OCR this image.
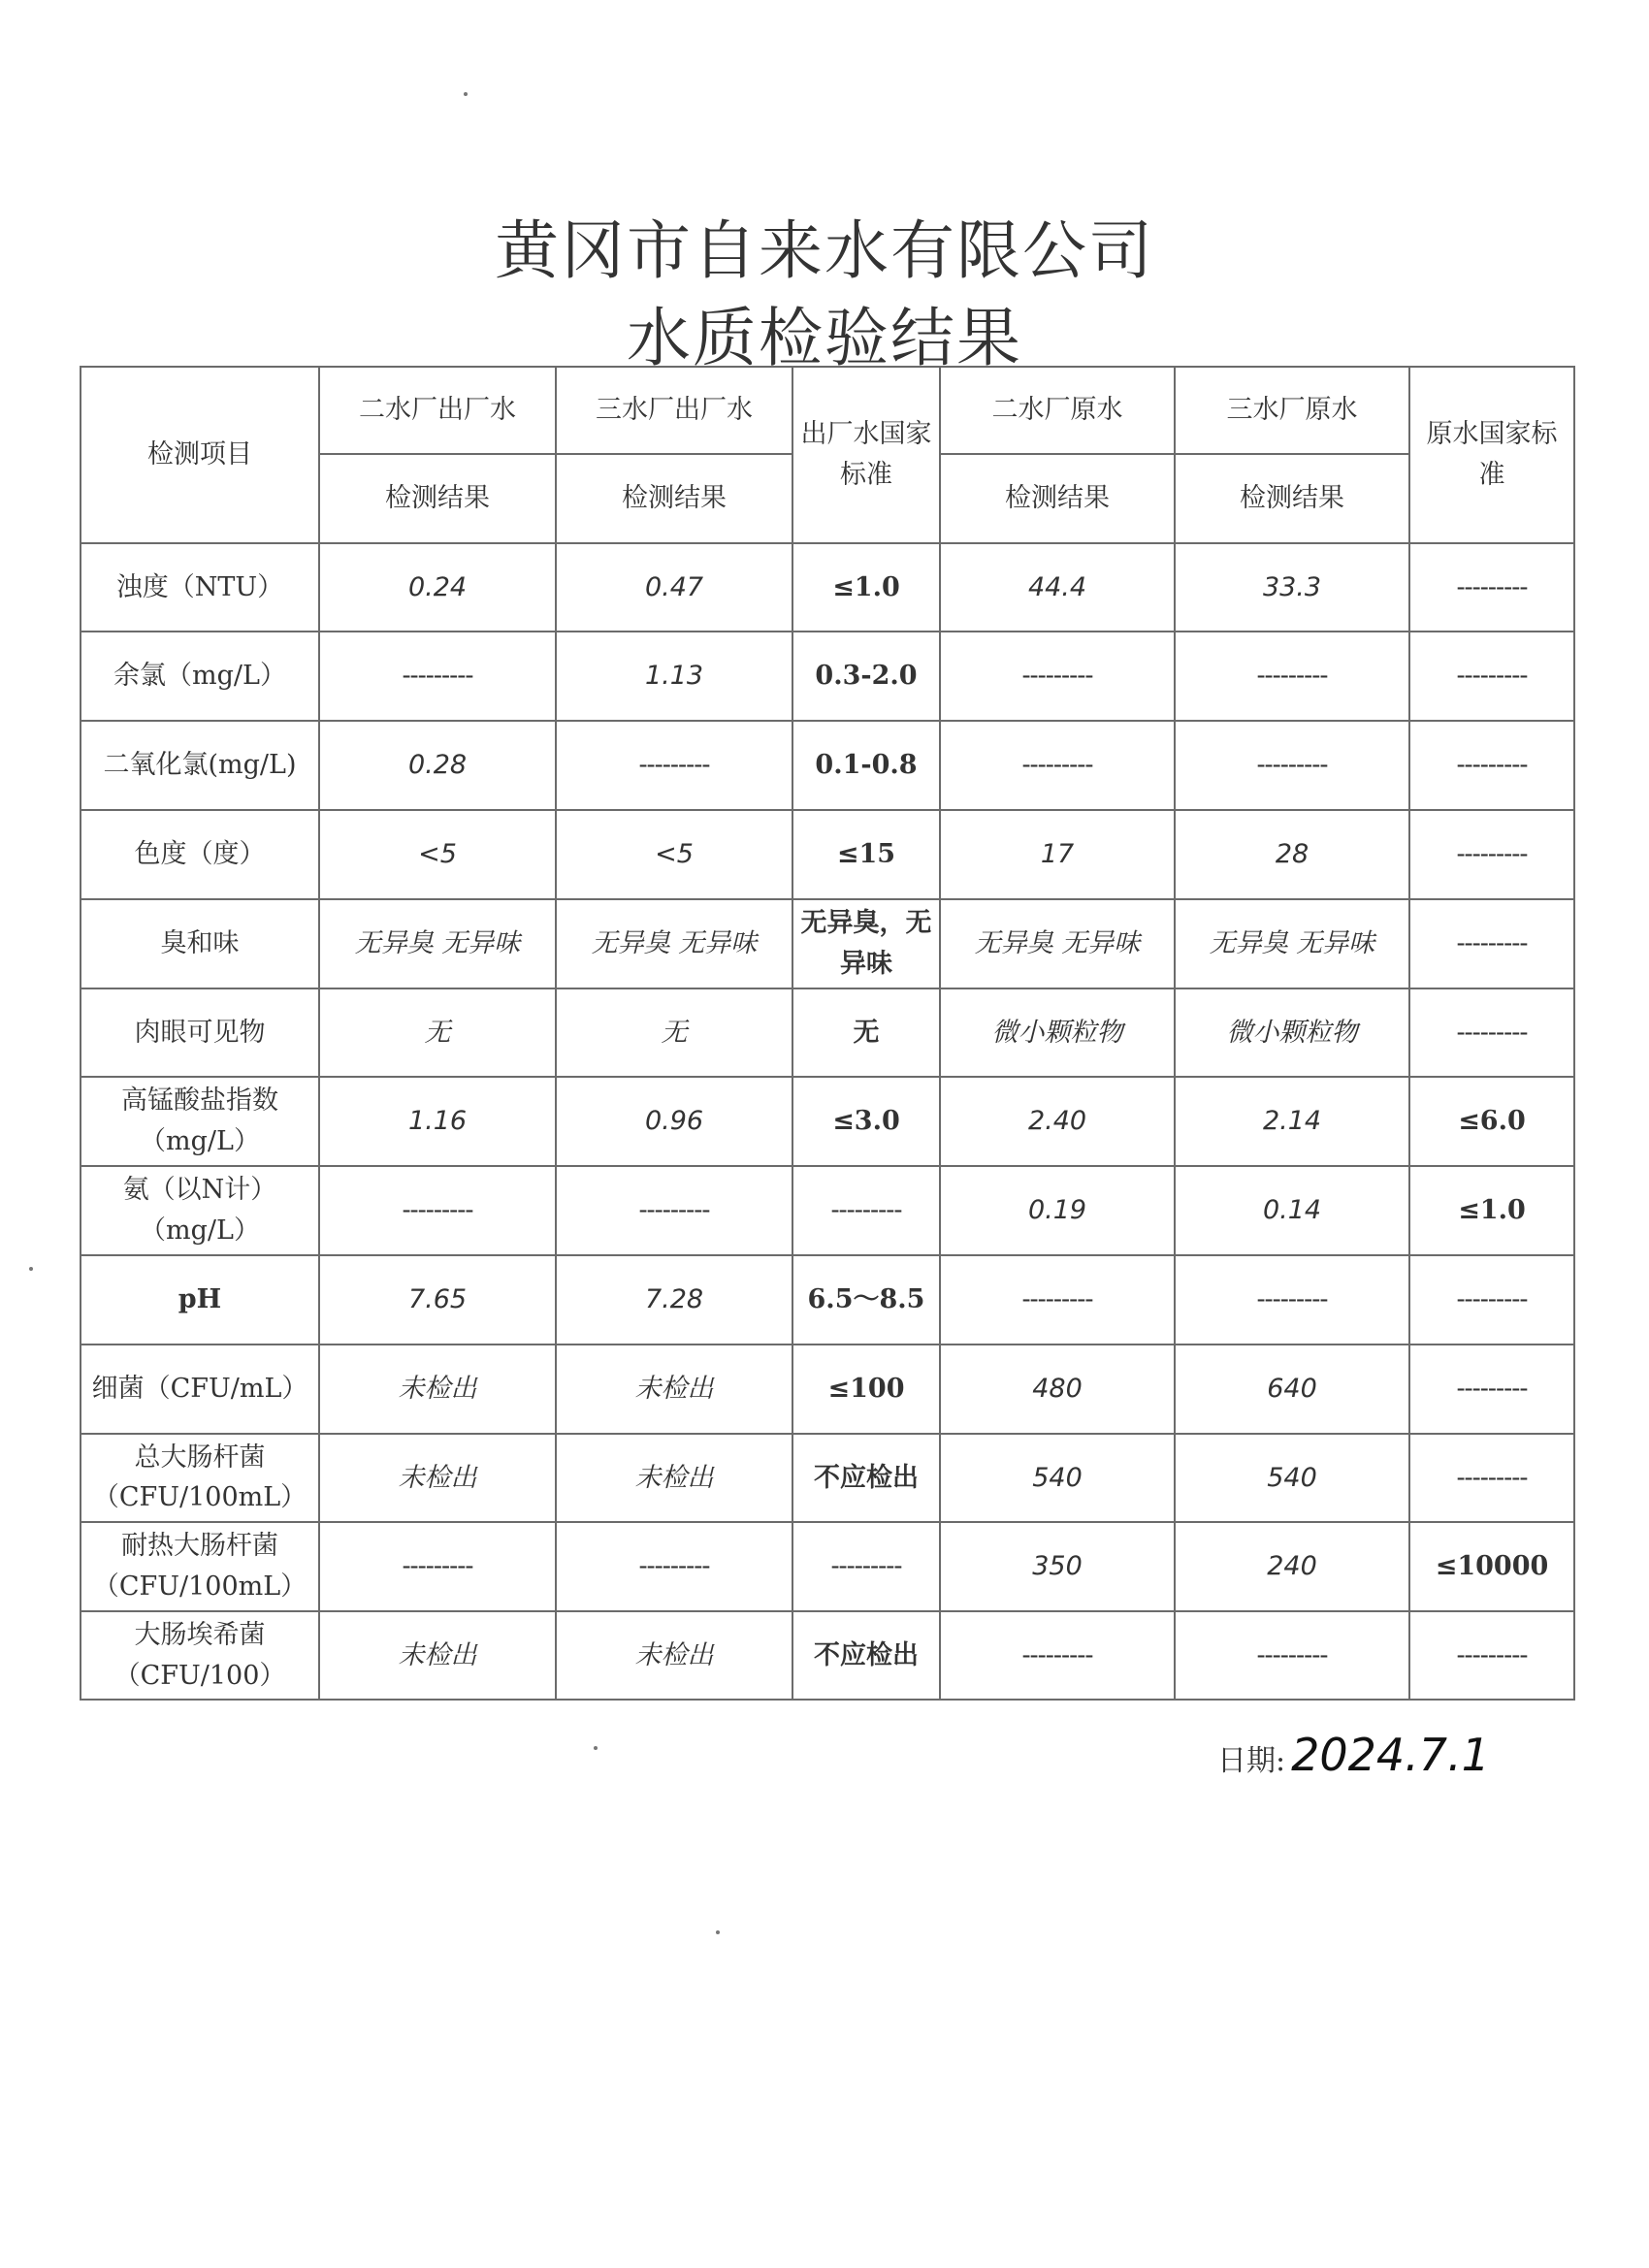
黄冈市自来水有限公司
水质检验结果
检测项目	二水厂出厂水	三水厂出厂水	出厂水国家标准	二水厂原水	三水厂原水	原水国家标准
	检测结果	检测结果		检测结果	检测结果	
浊度（NTU）	0.24	0.47	≤1.0	44.4	33.3	---------
余氯（mg/L）	---------	1.13	0.3-2.0	---------	---------	---------
二氧化氯(mg/L)	0.28	---------	0.1-0.8	---------	---------	---------
色度（度）	<5	<5	≤15	17	28	---------
臭和味	无异臭 无异味	无异臭 无异味	无异臭，无异味	无异臭 无异味	无异臭 无异味	---------
肉眼可见物	无	无	无	微小颗粒物	微小颗粒物	---------
高锰酸盐指数（mg/L）	1.16	0.96	≤3.0	2.40	2.14	≤6.0
氨（以N计）（mg/L）	---------	---------	---------	0.19	0.14	≤1.0
pH	7.65	7.28	6.5～8.5	---------	---------	---------
细菌（CFU/mL）	未检出	未检出	≤100	480	640	---------
总大肠杆菌（CFU/100mL）	未检出	未检出	不应检出	540	540	---------
耐热大肠杆菌（CFU/100mL）	---------	---------	---------	350	240	≤10000
大肠埃希菌（CFU/100）	未检出	未检出	不应检出	---------	---------	---------
日期: 2024.7.1
